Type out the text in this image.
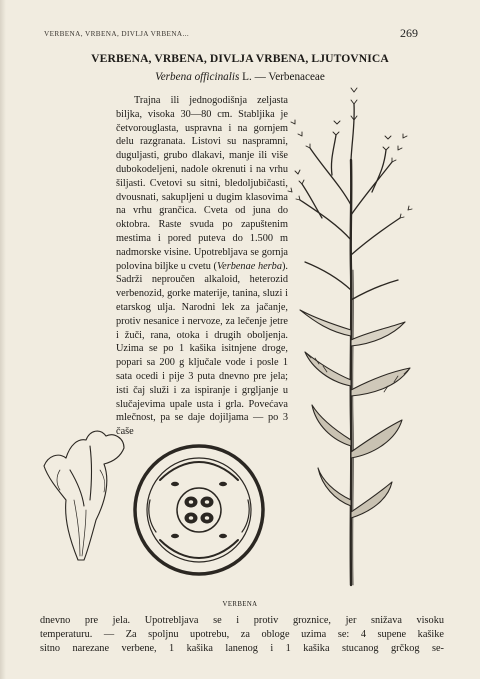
VERBENA, VRBENA, DIVLJA VRBENA...	269
VERBENA, VRBENA, DIVLJA VRBENA, LJUTOVNICA
Verbena officinalis L. — Verbenaceae

Trajna ili jednogodišnja zeljasta biljka, visoka 30—80 cm. Stabljika je četvorouglasta, uspravna i na gornjem delu razgranata. Listovi su naspramni, duguljasti, grubo dlakavi, manje ili više dubokodeljeni, nadole okrenuti i na vrhu šiljasti. Cvetovi su sitni, bledoljubičasti, dvousnati, sakupljeni u dugim klasovima na vrhu grančica. Cveta od juna do oktobra. Raste svuda po zapuštenim mestima i pored puteva do 1.500 m nadmorske visine. Upotrebljava se gornja polovina biljke u cvetu (Verbenae herba). Sadrži neproučen alkaloid, heterozid verbenozid, gorke materije, tanina, sluzi i etarskog ulja. Narodni lek za jačanje, protiv nesanice i nervoze, za lečenje jetre i žuči, rana, otoka i drugih oboljenja. Uzima se po 1 kašika isitnjene droge, popari sa 200 g ključale vode i posle 1 sata ocedi i pije 3 puta dnevno pre jela; isti čaj služi i za ispiranje i grgljanje u slučajevima upale usta i grla. Povećava mlečnost, pa se daje dojiljama — po 3 čaše

VERBENA

dnevno pre jela. Upotrebljava se i protiv groznice, jer snižava visoku
temperaturu. — Za spoljnu upotrebu, za obloge uzima se: 4 supene kašike
sitno narezane verbene, 1 kašika lanenog i 1 kašika stucanog grčkog se-
